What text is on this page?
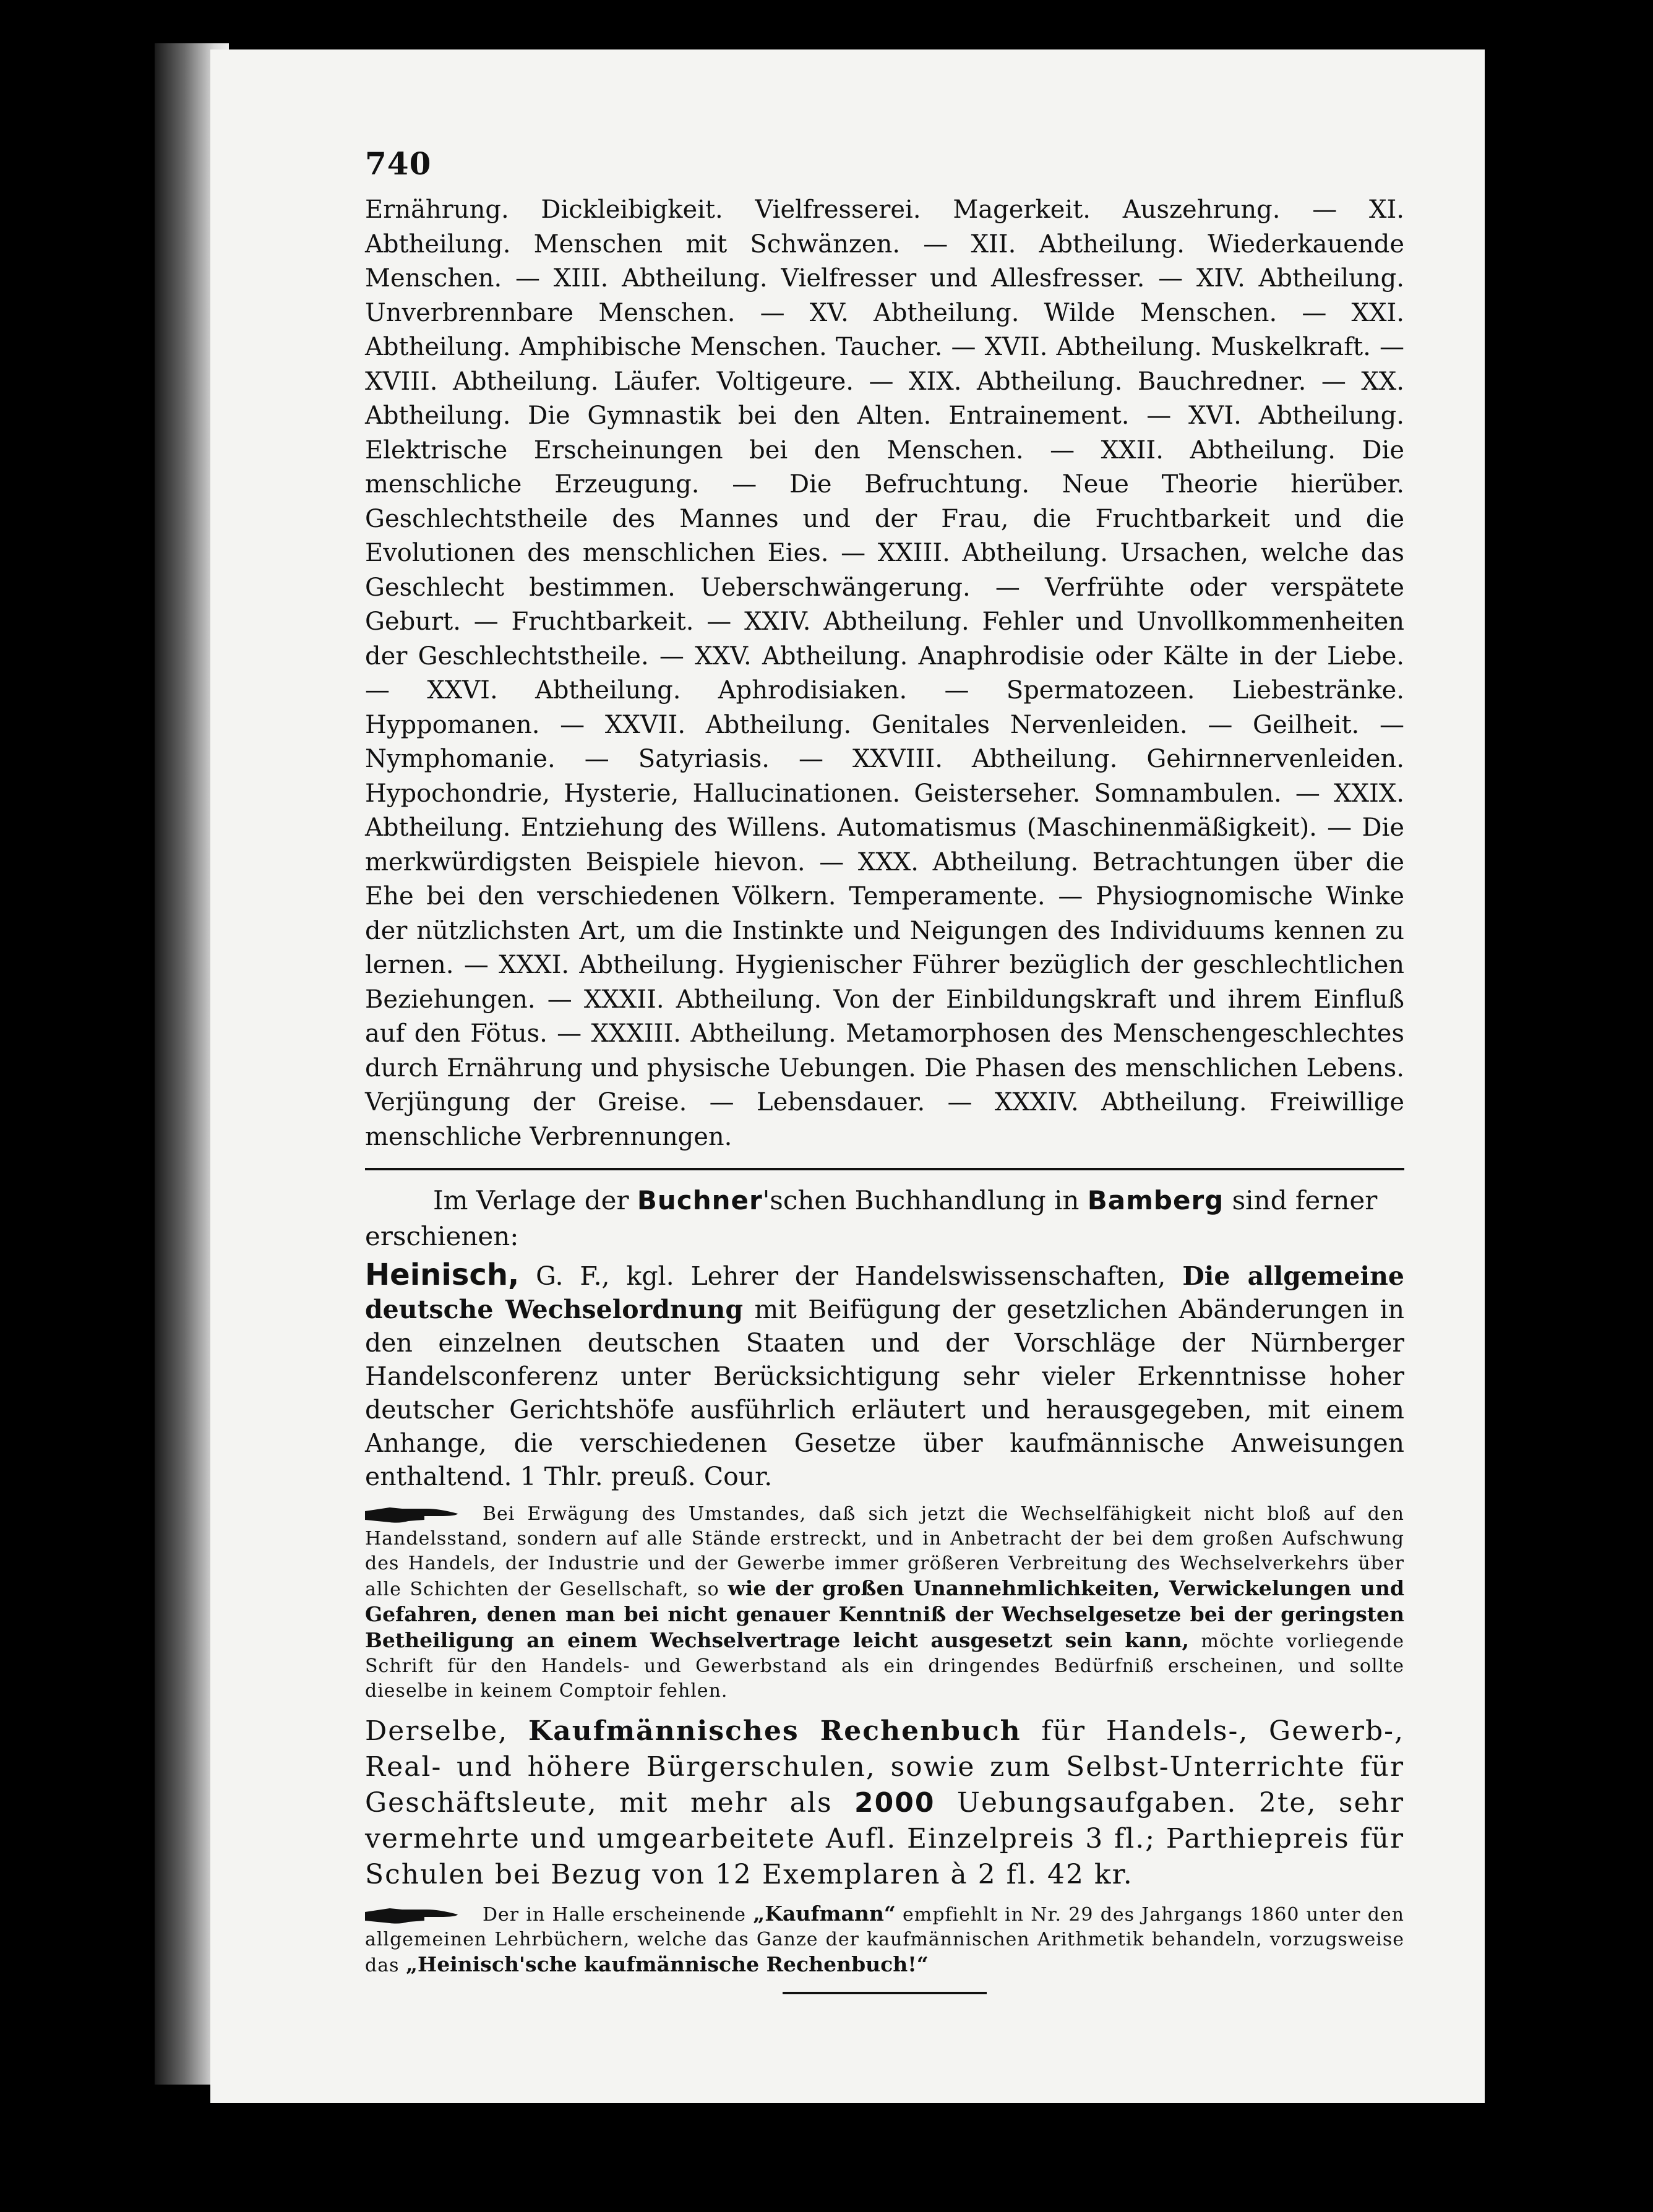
740

Ernährung. Dickleibigkeit. Vielfresserei. Magerkeit. Auszehrung. — XI. Abtheilung. Menschen mit Schwänzen. — XII. Abtheilung. Wiederkauende Menschen. — XIII. Abtheilung. Vielfresser und Allesfresser. — XIV. Abtheilung. Unverbrennbare Menschen. — XV. Abtheilung. Wilde Menschen. — XXI. Abtheilung. Amphibische Menschen. Taucher. — XVII. Abtheilung. Muskelkraft. — XVIII. Abtheilung. Läufer. Voltigeure. — XIX. Abtheilung. Bauchredner. — XX. Abtheilung. Die Gymnastik bei den Alten. Entrainement. — XVI. Abtheilung. Elektrische Erscheinungen bei den Menschen. — XXII. Abtheilung. Die menschliche Erzeugung. — Die Befruchtung. Neue Theorie hierüber. Geschlechtstheile des Mannes und der Frau, die Fruchtbarkeit und die Evolutionen des menschlichen Eies. — XXIII. Abtheilung. Ursachen, welche das Geschlecht bestimmen. Ueberschwängerung. — Verfrühte oder verspätete Geburt. — Fruchtbarkeit. — XXIV. Abtheilung. Fehler und Unvollkommenheiten der Geschlechtstheile. — XXV. Abtheilung. Anaphrodisie oder Kälte in der Liebe. — XXVI. Abtheilung. Aphrodisiaken. — Spermatozeen. Liebestränke. Hyppomanen. — XXVII. Abtheilung. Genitales Nervenleiden. — Geilheit. — Nymphomanie. — Satyriasis. — XXVIII. Abtheilung. Gehirnnervenleiden. Hypochondrie, Hysterie, Hallucinationen. Geisterseher. Somnambulen. — XXIX. Abtheilung. Entziehung des Willens. Automatismus (Maschinenmäßigkeit). — Die merkwürdigsten Beispiele hievon. — XXX. Abtheilung. Betrachtungen über die Ehe bei den verschiedenen Völkern. Temperamente. — Physiognomische Winke der nützlichsten Art, um die Instinkte und Neigungen des Individuums kennen zu lernen. — XXXI. Abtheilung. Hygienischer Führer bezüglich der geschlechtlichen Beziehungen. — XXXII. Abtheilung. Von der Einbildungskraft und ihrem Einfluß auf den Fötus. — XXXIII. Abtheilung. Metamorphosen des Menschengeschlechtes durch Ernährung und physische Uebungen. Die Phasen des menschlichen Lebens. Verjüngung der Greise. — Lebensdauer. — XXXIV. Abtheilung. Freiwillige menschliche Verbrennungen.

Im Verlage der Buchner'schen Buchhandlung in Bamberg sind ferner erschienen:

Heinisch, G. F., kgl. Lehrer der Handelswissenschaften, Die allgemeine deutsche Wechselordnung mit Beifügung der gesetzlichen Abänderungen in den einzelnen deutschen Staaten und der Vorschläge der Nürnberger Handelsconferenz unter Berücksichtigung sehr vieler Erkenntnisse hoher deutscher Gerichtshöfe ausführlich erläutert und herausgegeben, mit einem Anhange, die verschiedenen Gesetze über kaufmännische Anweisungen enthaltend. 1 Thlr. preuß. Cour.

Bei Erwägung des Umstandes, daß sich jetzt die Wechselfähigkeit nicht bloß auf den Handelsstand, sondern auf alle Stände erstreckt, und in Anbetracht der bei dem großen Aufschwung des Handels, der Industrie und der Gewerbe immer größeren Verbreitung des Wechselverkehrs über alle Schichten der Gesellschaft, so wie der großen Unannehmlichkeiten, Verwickelungen und Gefahren, denen man bei nicht genauer Kenntniß der Wechselgesetze bei der geringsten Betheiligung an einem Wechselvertrage leicht ausgesetzt sein kann, möchte vorliegende Schrift für den Handels- und Gewerbstand als ein dringendes Bedürfniß erscheinen, und sollte dieselbe in keinem Comptoir fehlen.

Derselbe, Kaufmännisches Rechenbuch für Handels-, Gewerb-, Real- und höhere Bürgerschulen, sowie zum Selbst-Unterrichte für Geschäftsleute, mit mehr als 2000 Uebungsaufgaben. 2te, sehr vermehrte und umgearbeitete Aufl. Einzelpreis 3 fl.; Parthiepreis für Schulen bei Bezug von 12 Exemplaren à 2 fl. 42 kr.

Der in Halle erscheinende „Kaufmann“ empfiehlt in Nr. 29 des Jahrgangs 1860 unter den allgemeinen Lehrbüchern, welche das Ganze der kaufmännischen Arithmetik behandeln, vorzugsweise das „Heinisch'sche kaufmännische Rechenbuch!“
